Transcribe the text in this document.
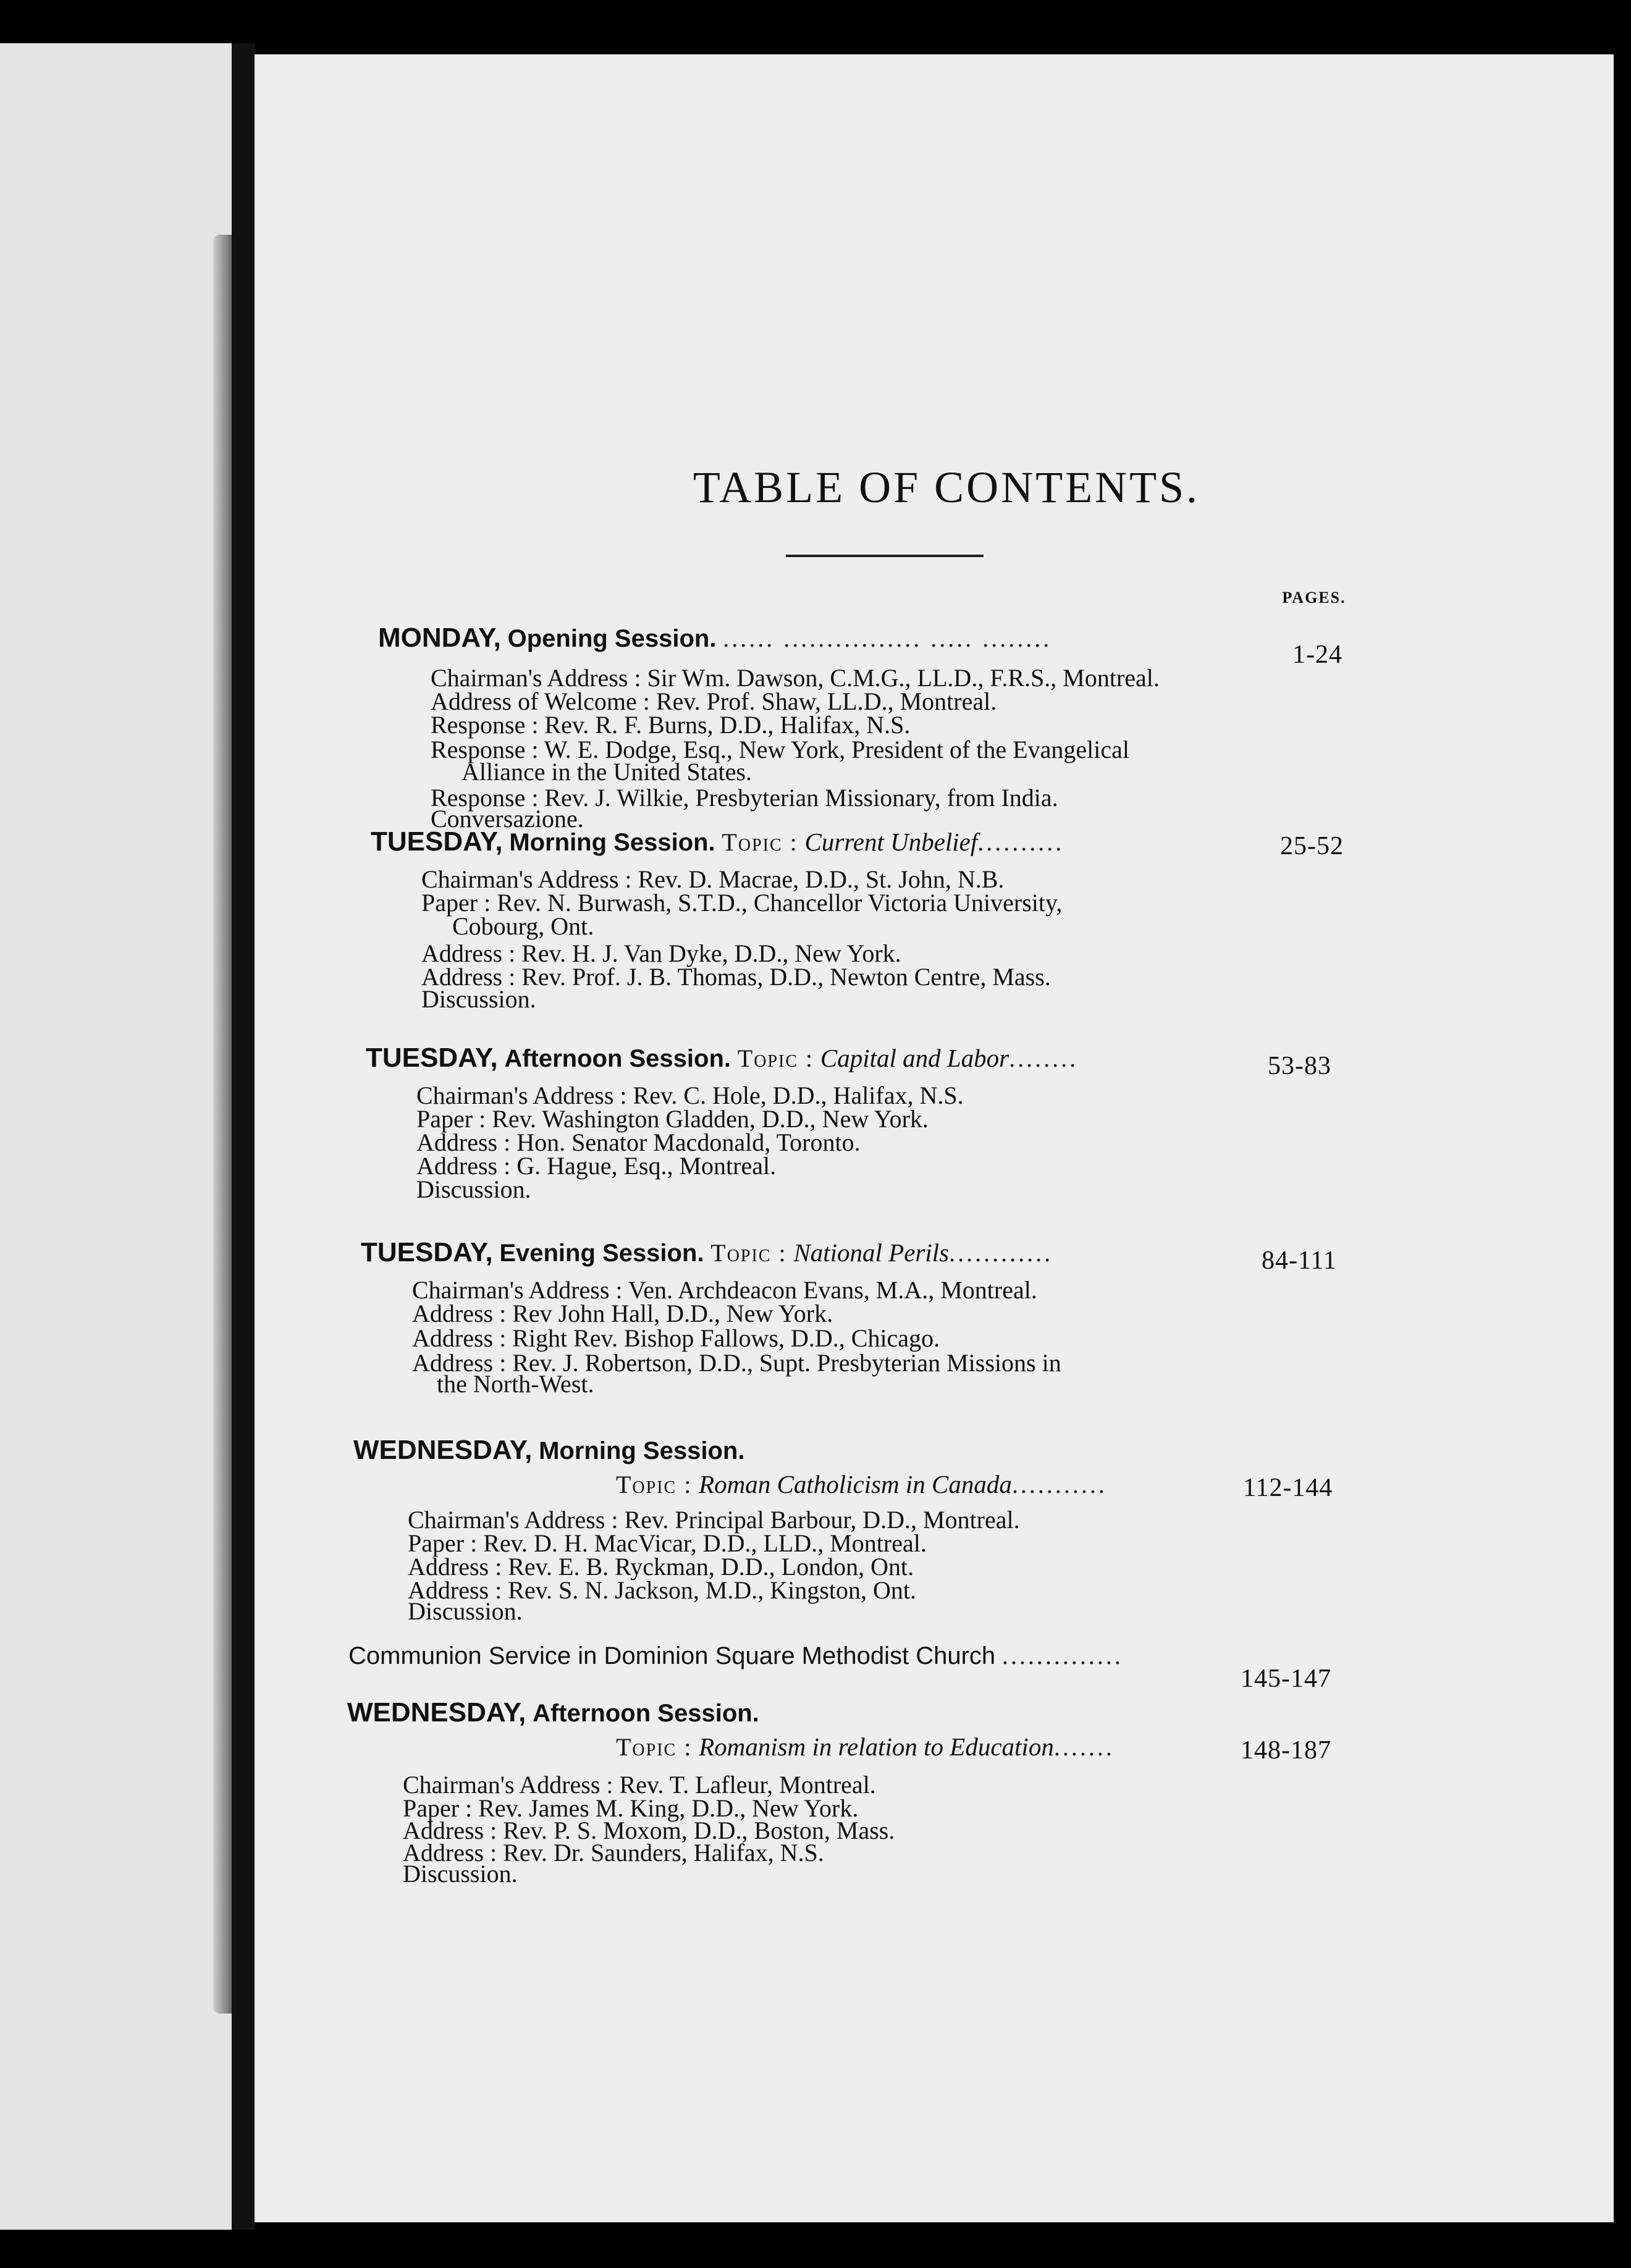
TABLE OF CONTENTS.
PAGES.
MONDAY, Opening Session. ...... ................ ..... ........
1-24
Chairman's Address : Sir Wm. Dawson, C.M.G., LL.D., F.R.S., Montreal.
Address of Welcome : Rev. Prof. Shaw, LL.D., Montreal.
Response : Rev. R. F. Burns, D.D., Halifax, N.S.
Response : W. E. Dodge, Esq., New York, President of the Evangelical
Alliance in the United States.
Response : Rev. J. Wilkie, Presbyterian Missionary, from India.
Conversazione.
TUESDAY, Morning Session. Topic : Current Unbelief..........	25-52
Chairman's Address : Rev. D. Macrae, D.D., St. John, N.B.
Paper : Rev. N. Burwash, S.T.D., Chancellor Victoria University,
Cobourg, Ont.
Address : Rev. H. J. Van Dyke, D.D., New York.
Address : Rev. Prof. J. B. Thomas, D.D., Newton Centre, Mass.
Discussion.
TUESDAY, Afternoon Session. Topic : Capital and Labor........	53-83
Chairman's Address : Rev. C. Hole, D.D., Halifax, N.S.
Paper : Rev. Washington Gladden, D.D., New York.
Address : Hon. Senator Macdonald, Toronto.
Address : G. Hague, Esq., Montreal.
Discussion.
TUESDAY, Evening Session. Topic : National Perils............	84-111
Chairman's Address : Ven. Archdeacon Evans, M.A., Montreal.
Address : Rev John Hall, D.D., New York.
Address : Right Rev. Bishop Fallows, D.D., Chicago.
Address : Rev. J. Robertson, D.D., Supt. Presbyterian Missions in
the North-West.
WEDNESDAY, Morning Session.
Topic : Roman Catholicism in Canada...........	112-144
Chairman's Address : Rev. Principal Barbour, D.D., Montreal.
Paper : Rev. D. H. MacVicar, D.D., LLD., Montreal.
Address : Rev. E. B. Ryckman, D.D., London, Ont.
Address : Rev. S. N. Jackson, M.D., Kingston, Ont.
Discussion.
Communion Service in Dominion Square Methodist Church ..............
145-147
WEDNESDAY, Afternoon Session.
Topic : Romanism in relation to Education.......	148-187
Chairman's Address : Rev. T. Lafleur, Montreal.
Paper : Rev. James M. King, D.D., New York.
Address : Rev. P. S. Moxom, D.D., Boston, Mass.
Address : Rev. Dr. Saunders, Halifax, N.S.
Discussion.
